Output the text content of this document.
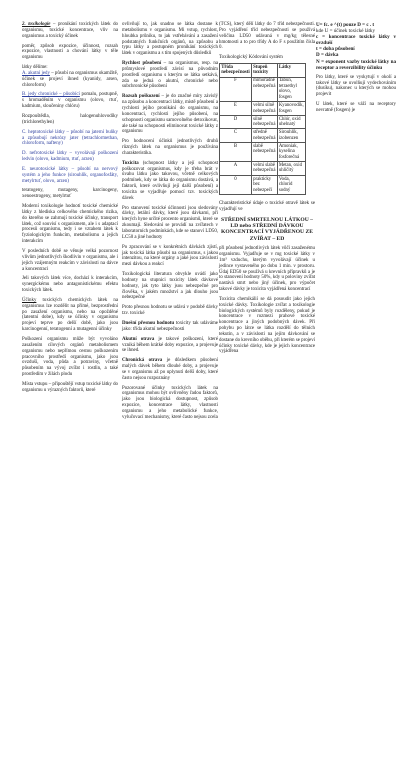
2. toxikologie – pronikání toxických látek do organismu, toxické koncentrace, vliv na organismus a toxický účinek

poměr, způsob expozice, účinnost, rozsah expozice, vlastnosti a chování látky v těle organismu

látky dělíme:

A. akutní jedy – působí na organismus okamžitě, účinek se projeví ihned (kyanidy, arsen, chloroform)

B. jedy chronické – působící pomalu, postupně, s hromaděním v organismu (olovo, rtuť, kadmium, sloučeniny chlóru)

Rozpouštědla, halogenuhlovodíky (trichlorethylen)

C. heptotoxické látky – působí na jaterní buňky a způsobují nekrózy jater (tetrachlormethan, chloroform, nafteny)

D. nefrotoxické látky – vyvolávají poškození ledvin (olovo, kadmium, rtuť, arzen)

E. neurotoxické látky – působí na nervový systém a jeho funkce (sirouhlík, organofosfáty, metylrtuť, olovo, arzen)

teratogeny, mutageny, karcinogeny, xenoestrogeny, metylrtuť

Moderní toxikologie hodnotí toxické chemické látky z hlediska celkového chemického rizika, do kterého se zahrnují toxické účinky, transport látek, což souvisí s organismem, ale i s adaptací procesů organismu, tedy i se vztahem látek k fyziologickým funkcím, metabolismu a jejich interakcím

V posledních době se věnuje velká pozornost vlivům jednotlivých škodlivin v organismu, ale i jejich vzájemným reakcím v závislosti na dávce a koncentraci

Jeli takových látek více, dochází k interakcím, synergickému nebo antagonistickému efektu toxických látek.

Účinky toxických chemických látek na organismus lze rozdělit na přímé, bezprostřední po zasažení organismu, nebo na opožděné (latentní dobe), kdy se účinky v organismu projeví teprve po delší době, jako jsou karcinogenní, teratogenní a mutagenní účinky

Poškození organismu může být vyvoláno zasažením cílových orgánů metabolismem organismu nebo nepřímou cestou poškozením pracovního prostředí organismu, jako jsou ovzduší, voda, půda a potraviny, včetně působením na vývoj zvířat i rostlin, a také prostředím v žilách plodu

Místa vstupu – připouštějí vstup toxické látky do organismu u výrazných faktorů, které

ovlivňují to, jak snadno se látka dostane k metabolismu v organismu. Mi vstup, rychlost, hloubka průniku, to jak vstřebávání a zasažení podstatných funkčních orgánů, na způsobu a typu látky a postupném pronikání toxických látek v organismu a s tím spojených důsledků

Rychlost působení – na organismus, resp. na průmyslové prostředí závisí na původním prostředí organismu s kterým se látka setkává, zda se jedná o akutní, chronické nebo subchronické působení

Rozsah poškození – je do značné míry závislý na způsobu a koncentraci látky, místě působení a rychlosti jejího pronikání do organismu, na koncentraci, rychlosti jejího působení, na schopnosti organismu samovolného detoxikovat, ale také na schopnosti eliminovat toxické látky z organismu

Pro hodnocení účinků jednotlivých druhů různých látek na organismus je používána charakteristika.

Toxicita (schopnost látky a její schopnost poškozovat organismus, kdy je třeba brát v úvahu látku jako takovou, včetně celkových podmínek, kdy se látka do organismu dostává, a faktorů, které ovlivňují její další působení) a toxicita se vyjadřuje pomocí tzv. toxických dávek

Pro stanovení toxické účinnosti jsou sledovány dávky, letální dávky, které jsou dávkami, při kterých hyne určité procento organismů, které se zkoumají. Sledování se provádí na zvířatech v laboratorních podmínkách, kde se stanoví LD50, LC50 a jiné hodnoty

Po zpracování se v konkrétních dávkách zjistí, jak toxická látka působí na organismus, s jakou intenzitou, na které orgány a jaké jsou závislosti mezi dávkou a reakcí

Toxikologická literatura obvykle uvádí jako hodnoty na stupnici toxicity látek dávkové hodnoty, jak tyto látky jsou nebezpečné pro člověka, v jakém množství a jak dlouho jsou nebezpečné

Proto přesnou hodnotu se udává v podobě dávky tzv. toxické

Dnešní přesnou hodnotu toxicity tak udáváme jako: třída akutní nebezpečnosti

Akutní otrava je takové poškození, které vzniká během krátké doby expozice, a projevuje se ihned.

Chronická otrava je důsledkem působení malých dávek během dlouhé doby, a projevuje se v organismu až po uplynutí delší doby, které často nejsou rozpoznány

Pozorované účinky toxických látek na organismus mohou být ovlivněny řadou faktorů, jako jsou biologická dostupnost, způsob expozice, koncentrace látky, vlastnosti organismu a jeho metabolické funkce, vylučovací mechanismy, které často nejsou zcela

(TCS), který dělí látky do 7 tříd nebezpečnosti. Pro vyjádření tříd nebezpečnosti se používá veličina LD50 udávaná v mg/kg tělesné hmotnosti a to pro třídy A do F s použitím čísla 0.

Toxikologický Kódování systém

Třída nebezpečnosti	Stupeň toxicity	Látky
F	mimořádně nebezpečná	Tabun, tetraethyl olovo, fosgen
E	velmi silně nebezpečná	Kyanovodík, fosgen
D	silně nebezpečná	Chlór, oxid uhelnatý
C	středně nebezpečná	Sirouhlík, izobenzen
B	slabě nebezpečná	Amoniak, kyselina fosforečná
A	velmi slabě nebezpečná	Metan, oxid uhličitý
0	prakticky bez nebezpečí	Voda, chlorid sodný

Charakteristické údaje o toxické otravě látek se vyjadřují ve

STŘEDNÍ SMRTELNOU LÁTKOU – LD nebo STŘEDNÍ DÁVKOU KONCENTRACÍ VYJÁDŘENOU ZE ZVÍŘAT – ED

při působení jednotlivých látek vůči zasaženému organismu. Vyjadřuje se v mg toxické látky v 1m³ vzduchu, kterým vyvolávají účinek u jedince vystaveného po dobu 1 min. v prostoru. Údaj ED50 se používá u krevních přípravků a je to stanovení hodnoty 50%, kdy u poloviny zvířat nastává smrt nebo jiný účinek, pro výpočet takové dávky je toxicita vyjádřená koncentrací

Toxicita chemikálií se dá posoudit jako jejich toxické dávky. Toxikologie zvířat a toxikologie biologických systémů byly rozděleny, pokud je koncentrace v rozmezí prahové toxické koncentrace a jiných podobných dávek. Při pohybu po látce se látka rozdělí do tělních tekutin, a v závislosti na jejím dávkování se dostane do krevního oběhu, při kterém se projeví účinky toxické dávky, kde je jejich koncentrace vyjádřena

U= fc. e ^(t) pouze D = c . t
kde U = účinek toxické látky
c = koncentrace toxické látky v ovzduší
t = doba působení
D = dávka
N = exponent vazby toxické látky na receptor a reverzibility účinku

Pro látky, které se vyskytují v okolí a takové látky se uvolňují vydechováním (dusíku), nakonec u kterých se mohou projevit

U látek, které se váží na receptory nevratně (fosgen) je
